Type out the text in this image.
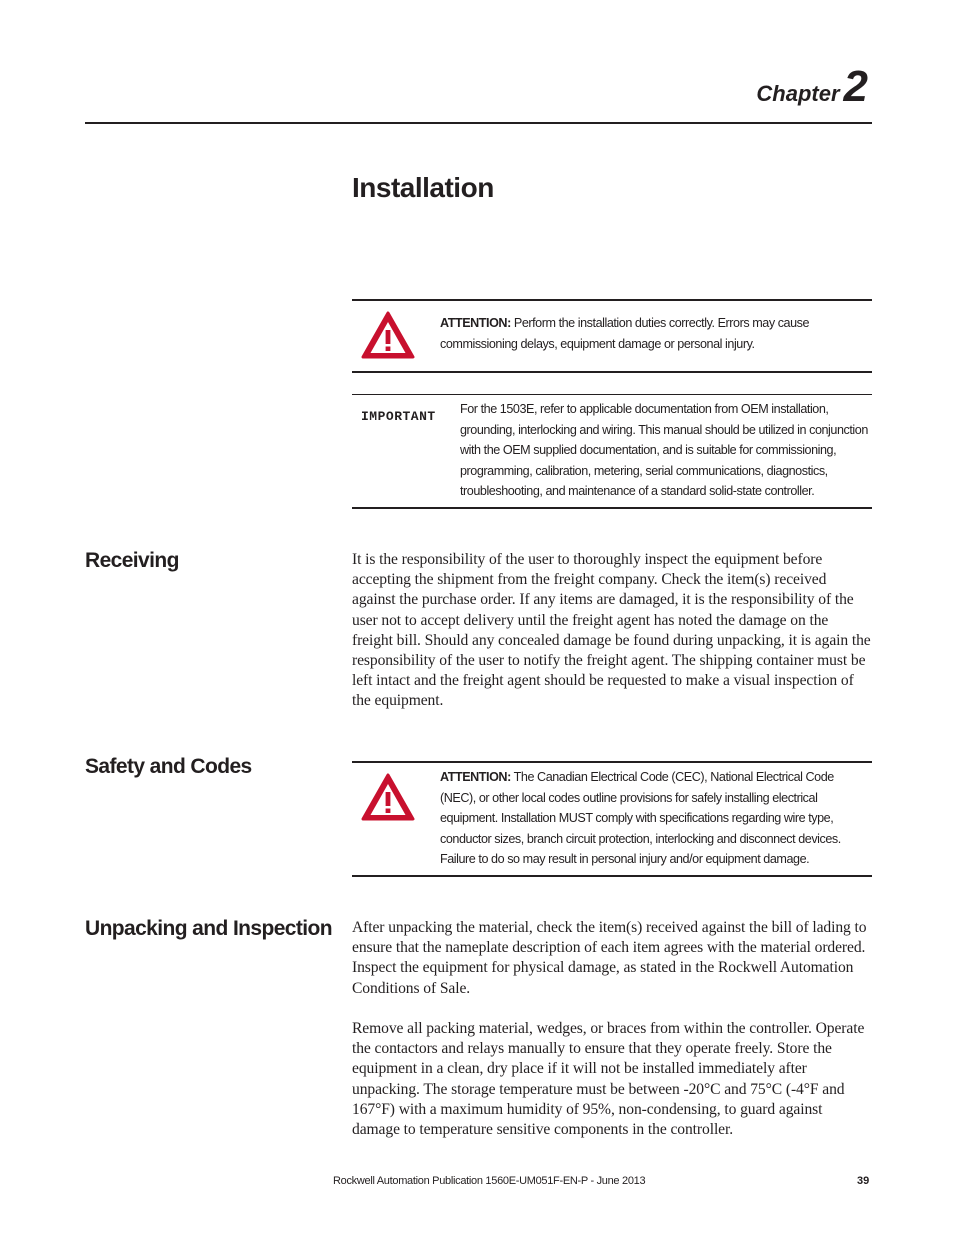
Chapter2
Installation
ATTENTION: Perform the installation duties correctly. Errors may cause commissioning delays, equipment damage or personal injury.
IMPORTANT For the 1503E, refer to applicable documentation from OEM installation, grounding, interlocking and wiring. This manual should be utilized in conjunction with the OEM supplied documentation, and is suitable for commissioning, programming, calibration, metering, serial communications, diagnostics, troubleshooting, and maintenance of a standard solid-state controller.
Receiving	It is the responsibility of the user to thoroughly inspect the equipment before accepting the shipment from the freight company. Check the item(s) received against the purchase order. If any items are damaged, it is the responsibility of the user not to accept delivery until the freight agent has noted the damage on the freight bill. Should any concealed damage be found during unpacking, it is again the responsibility of the user to notify the freight agent. The shipping container must be left intact and the freight agent should be requested to make a visual inspection of the equipment.

Safety and Codes	ATTENTION: The Canadian Electrical Code (CEC), National Electrical Code (NEC), or other local codes outline provisions for safely installing electrical equipment. Installation MUST comply with specifications regarding wire type, conductor sizes, branch circuit protection, interlocking and disconnect devices. Failure to do so may result in personal injury and/or equipment damage.
Unpacking and Inspection After unpacking the material, check the item(s) received against the bill of lading to ensure that the nameplate description of each item agrees with the material ordered. Inspect the equipment for physical damage, as stated in the Rockwell Automation Conditions of Sale.

Remove all packing material, wedges, or braces from within the controller. Operate the contactors and relays manually to ensure that they operate freely. Store the equipment in a clean, dry place if it will not be installed immediately after unpacking. The storage temperature must be between -20°C and 75°C (-4°F and 167°F) with a maximum humidity of 95%, non-condensing, to guard against damage to temperature sensitive components in the controller.

Rockwell Automation Publication 1560E-UM051F-EN-P - June 2013	39
